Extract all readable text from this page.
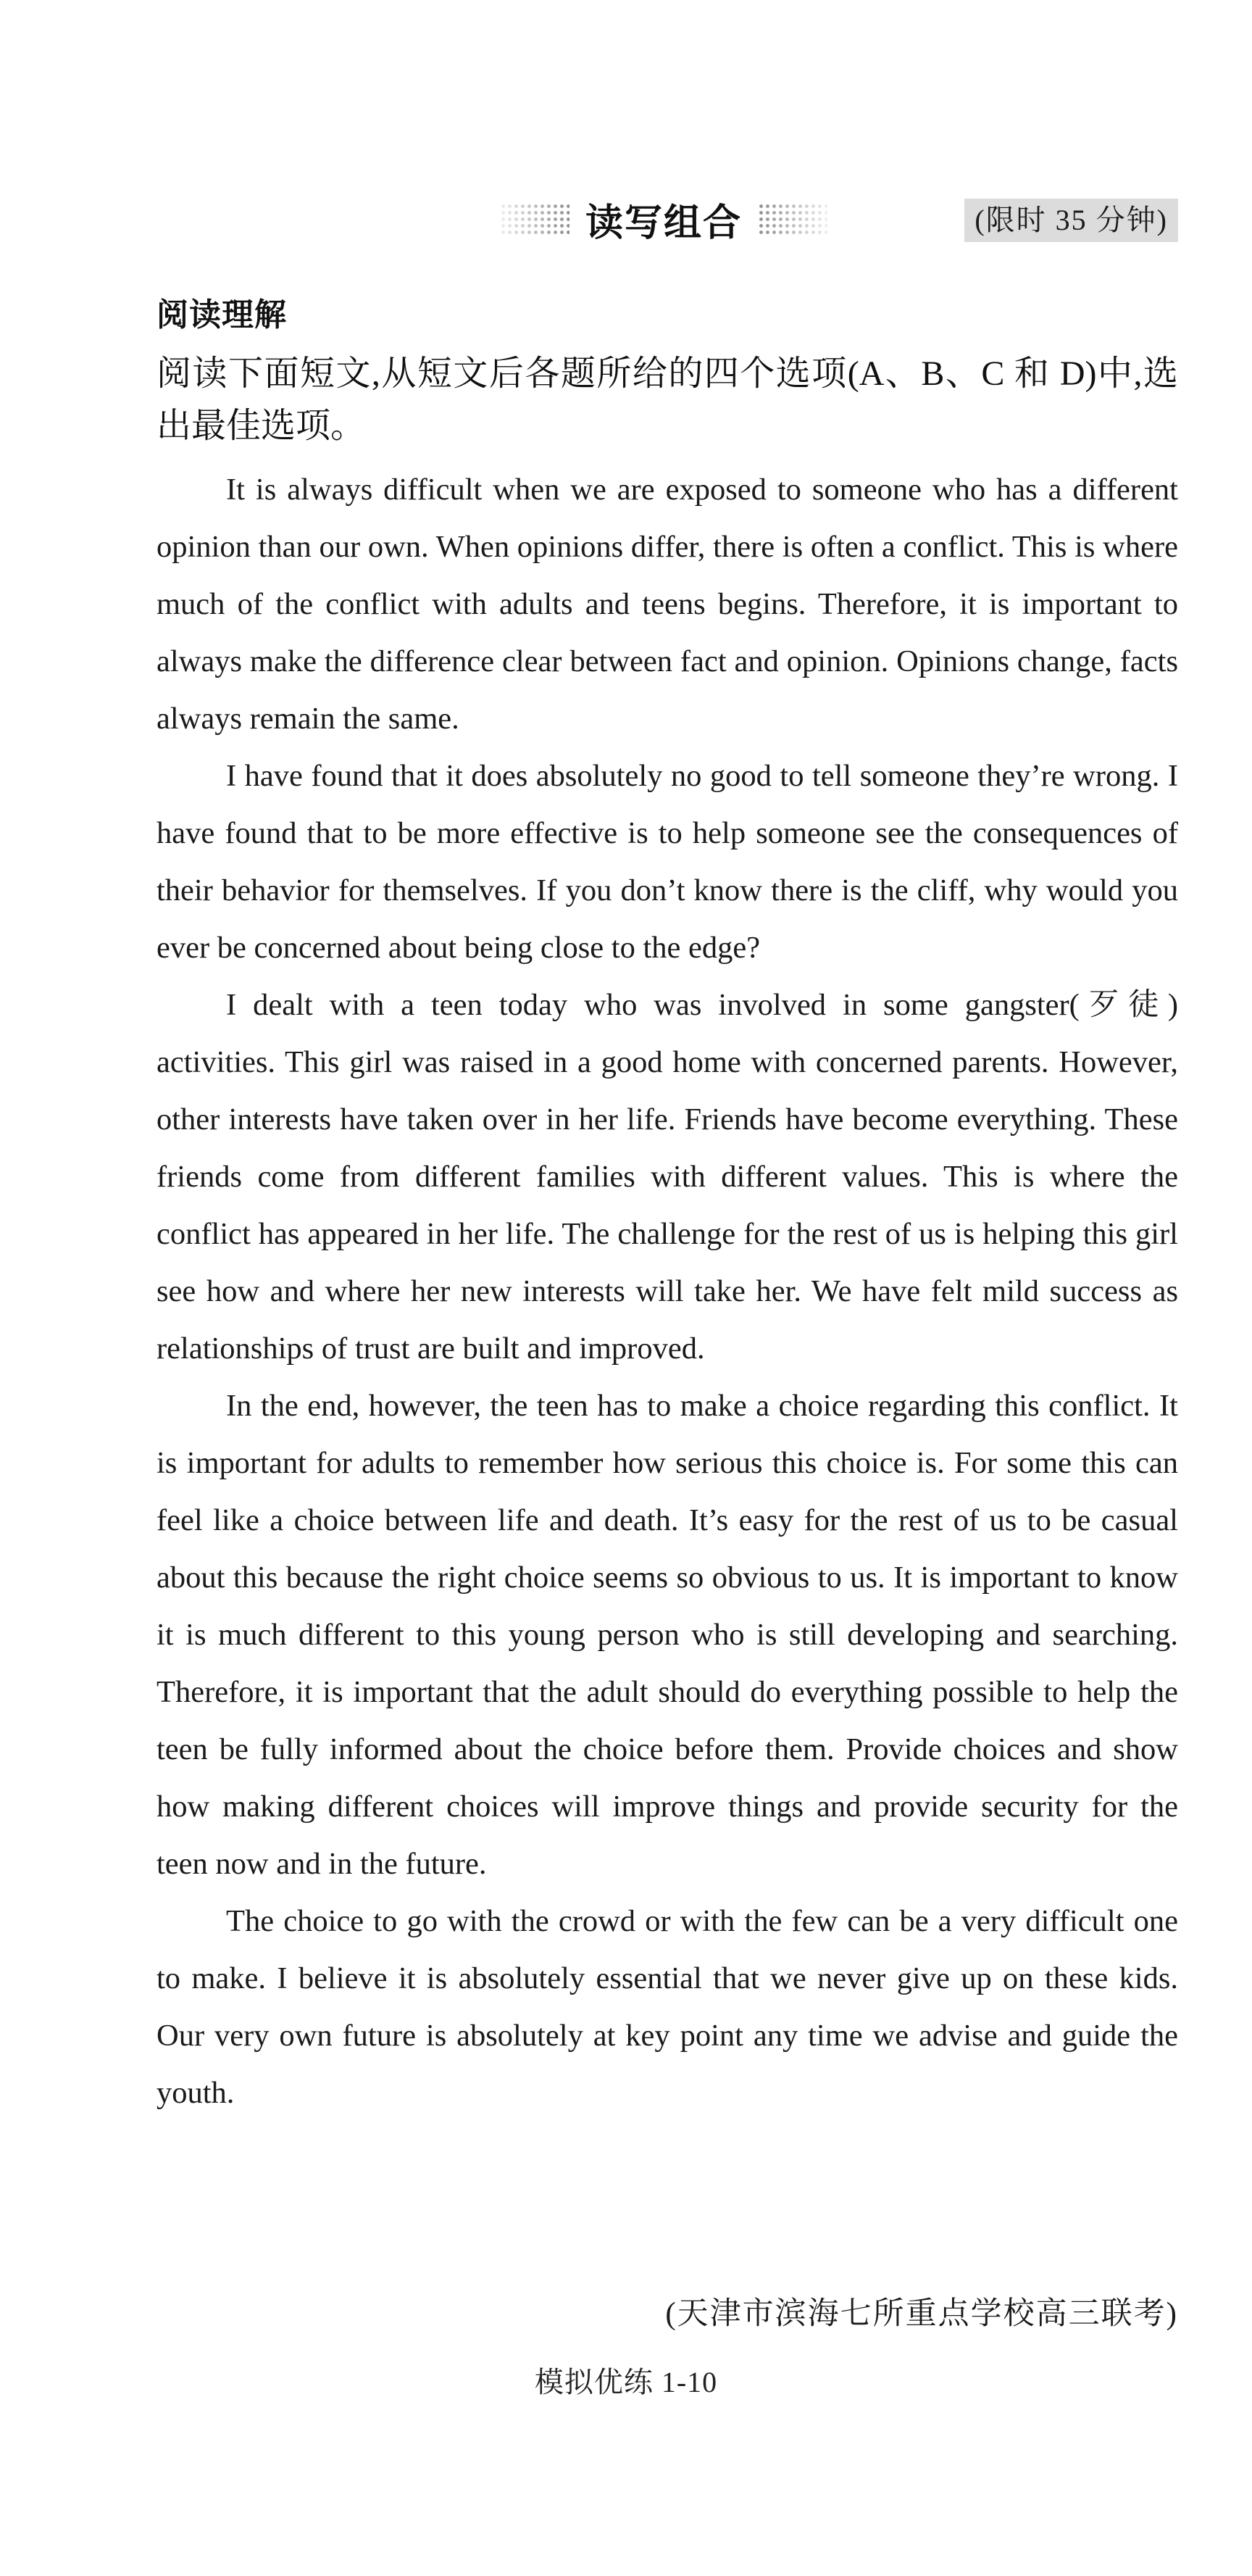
读写组合	(限时 35 分钟)
阅读理解
阅读下面短文,从短文后各题所给的四个选项(A、B、C 和 D)中,选出最佳选项。

It is always difficult when we are exposed to someone who has a different opinion than our own. When opinions differ, there is often a conflict. This is where much of the conflict with adults and teens begins. Therefore, it is important to always make the difference clear between fact and opinion. Opinions change, facts always remain the same.

I have found that it does absolutely no good to tell someone they’re wrong. I have found that to be more effective is to help someone see the consequences of their behavior for themselves. If you don’t know there is the cliff, why would you ever be concerned about being close to the edge?

I dealt with a teen today who was involved in some gangster(歹徒) activities. This girl was raised in a good home with concerned parents. However, other interests have taken over in her life. Friends have become everything. These friends come from different families with different values. This is where the conflict has appeared in her life. The challenge for the rest of us is helping this girl see how and where her new interests will take her. We have felt mild success as relationships of trust are built and improved.

In the end, however, the teen has to make a choice regarding this conflict. It is important for adults to remember how serious this choice is. For some this can feel like a choice between life and death. It’s easy for the rest of us to be casual about this because the right choice seems so obvious to us. It is important to know it is much different to this young person who is still developing and searching. Therefore, it is important that the adult should do everything possible to help the teen be fully informed about the choice before them. Provide choices and show how making different choices will improve things and provide security for the teen now and in the future.

The choice to go with the crowd or with the few can be a very difficult one to make. I believe it is absolutely essential that we never give up on these kids. Our very own future is absolutely at key point any time we advise and guide the youth.

(天津市滨海七所重点学校高三联考)
模拟优练 1-10
